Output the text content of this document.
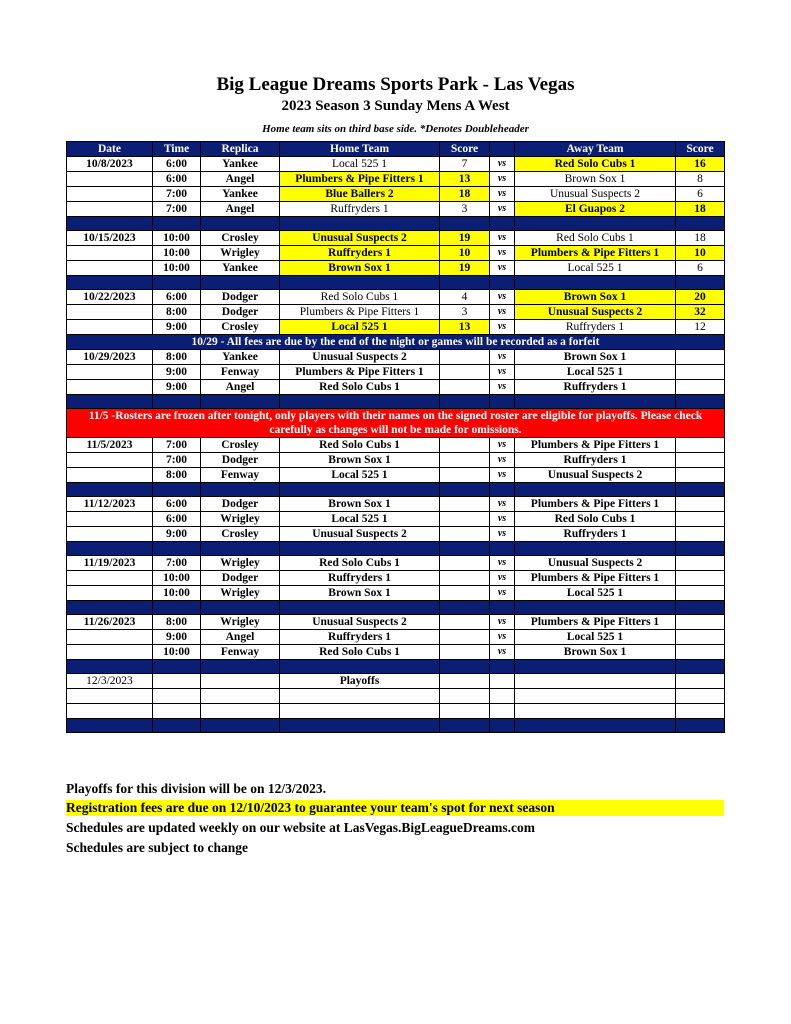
Big League Dreams Sports Park - Las Vegas
2023 Season 3 Sunday Mens A West
Home team sits on third base side. *Denotes Doubleheader
Date	Time	Replica	Home Team	Score		Away Team	Score
10/8/2023	6:00	Yankee	Local 525 1	7	vs	Red Solo Cubs 1	16
	6:00	Angel	Plumbers & Pipe Fitters 1	13	vs	Brown Sox 1	8
	7:00	Yankee	Blue Ballers 2	18	vs	Unusual Suspects 2	6
	7:00	Angel	Ruffryders 1	3	vs	El Guapos 2	18

10/15/2023	10:00	Crosley	Unusual Suspects 2	19	vs	Red Solo Cubs 1	18
	10:00	Wrigley	Ruffryders 1	10	vs	Plumbers & Pipe Fitters 1	10
	10:00	Yankee	Brown Sox 1	19	vs	Local 525 1	6

10/22/2023	6:00	Dodger	Red Solo Cubs 1	4	vs	Brown Sox 1	20
	8:00	Dodger	Plumbers & Pipe Fitters 1	3	vs	Unusual Suspects 2	32
	9:00	Crosley	Local 525 1	13	vs	Ruffryders 1	12
10/29 - All fees are due by the end of the night or games will be recorded as a forfeit							
10/29/2023	8:00	Yankee	Unusual Suspects 2		vs	Brown Sox 1	
	9:00	Fenway	Plumbers & Pipe Fitters 1		vs	Local 525 1	
	9:00	Angel	Red Solo Cubs 1		vs	Ruffryders 1	

11/5 -Rosters are frozen after tonight, only players with their names on the signed roster are eligible for playoffs. Please check carefully as changes will not be made for omissions.							
11/5/2023	7:00	Crosley	Red Solo Cubs 1		vs	Plumbers & Pipe Fitters 1	
	7:00	Dodger	Brown Sox 1		vs	Ruffryders 1	
	8:00	Fenway	Local 525 1		vs	Unusual Suspects 2	

11/12/2023	6:00	Dodger	Brown Sox 1		vs	Plumbers & Pipe Fitters 1	
	6:00	Wrigley	Local 525 1		vs	Red Solo Cubs 1	
	9:00	Crosley	Unusual Suspects 2		vs	Ruffryders 1	

11/19/2023	7:00	Wrigley	Red Solo Cubs 1		vs	Unusual Suspects 2	
	10:00	Dodger	Ruffryders 1		vs	Plumbers & Pipe Fitters 1	
	10:00	Wrigley	Brown Sox 1		vs	Local 525 1	

11/26/2023	8:00	Wrigley	Unusual Suspects 2		vs	Plumbers & Pipe Fitters 1	
	9:00	Angel	Ruffryders 1		vs	Local 525 1	
	10:00	Fenway	Red Solo Cubs 1		vs	Brown Sox 1	

12/3/2023			Playoffs				

Playoffs for this division will be on 12/3/2023.
Registration fees are due on 12/10/2023 to guarantee your team's spot for next season
Schedules are updated weekly on our website at LasVegas.BigLeagueDreams.com
Schedules are subject to change
